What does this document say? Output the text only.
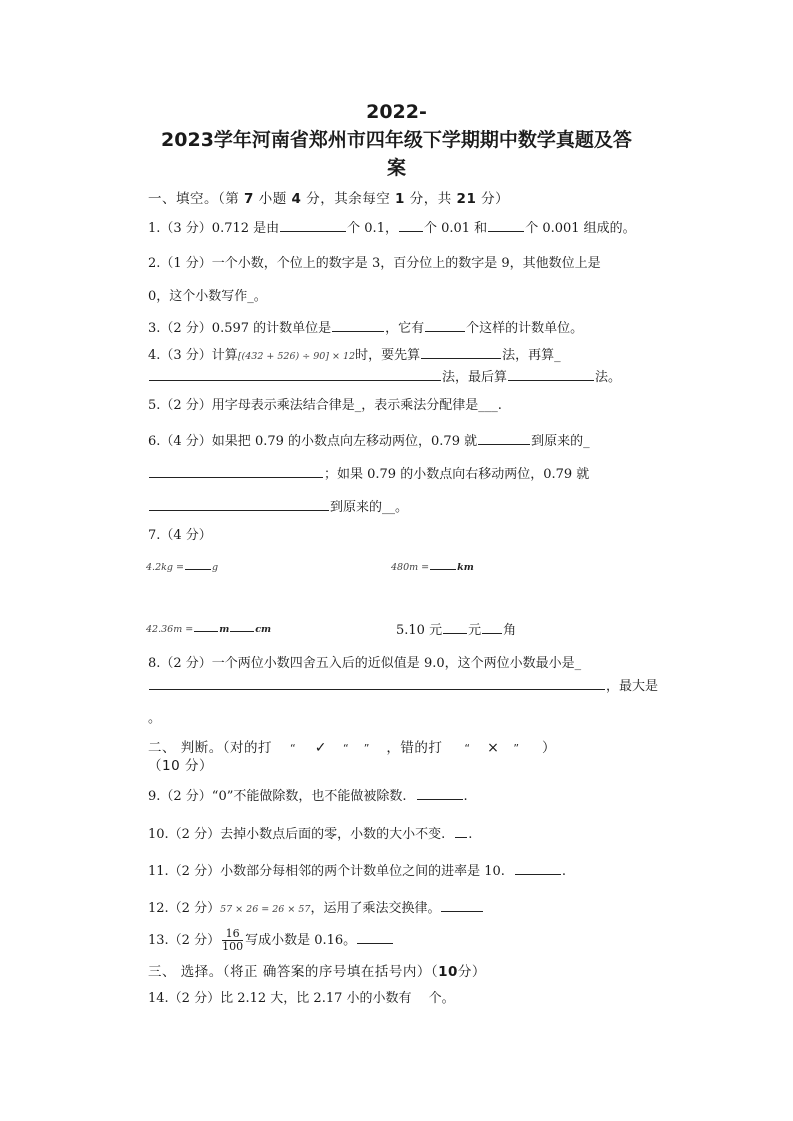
2022-
2023学年河南省郑州市四年级下学期期中数学真题及答
案
一、填空。（第 7 小题 4 分，其余每空 1 分，共 21 分）
1.（3 分）0.712 是由	个 0.1， 个 0.01 和	个 0.001 组成的。
2.（1 分）一个小数，个位上的数字是 3，百分位上的数字是 9，其他数位上是
0，这个小数写作_。
3.（2 分）0.597 的计数单位是	，它有	个这样的计数单位。
4.（3 分）计算[(432 + 526) ÷ 90] × 12时，要先算	法，再算_
法，最后算	法。
5.（2 分）用字母表示乘法结合律是_，表示乘法分配律是___.
6.（4 分）如果把 0.79 的小数点向左移动两位，0.79 就	到原来的_
；如果 0.79 的小数点向右移动两位，0.79 就
到原来的__。
7.（4 分）
4.2kg =	g	480m =	km
42.36m =	m	cm	5.10 元 元 角
8.（2 分）一个两位小数四舍五入后的近似值是 9.0，这个两位小数最小是_
，最大是
。
二、 判断。（对的打 “ ✓ “ ” ，错的打 “ × ” ）
（10 分）
9.（2 分）“0”不能做除数，也不能做被除数.	.
10.（2 分）去掉小数点后面的零，小数的大小不变. .
11.（2 分）小数部分每相邻的两个计数单位之间的进率是 10.	.
12.（2 分）57 × 26 = 26 × 57，运用了乘法交换律。
13.（2 分） $\frac{16}{100}$ 写成小数是 0.16。
三、 选择。（将正 确答案的序号填在括号内）（10分）
14.（2 分）比 2.12 大，比 2.17 小的小数有　 个。
